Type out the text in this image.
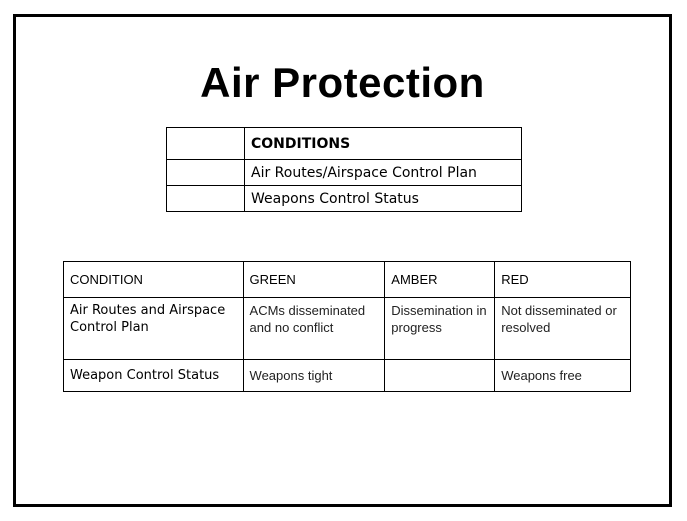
Air Protection
	CONDITIONS
	Air Routes/Airspace Control Plan
	Weapons Control Status
CONDITION	GREEN	AMBER	RED
Air Routes and Airspace Control Plan	ACMs disseminated and no conflict	Dissemination in progress	Not disseminated or resolved
Weapon Control Status	Weapons tight		Weapons free
